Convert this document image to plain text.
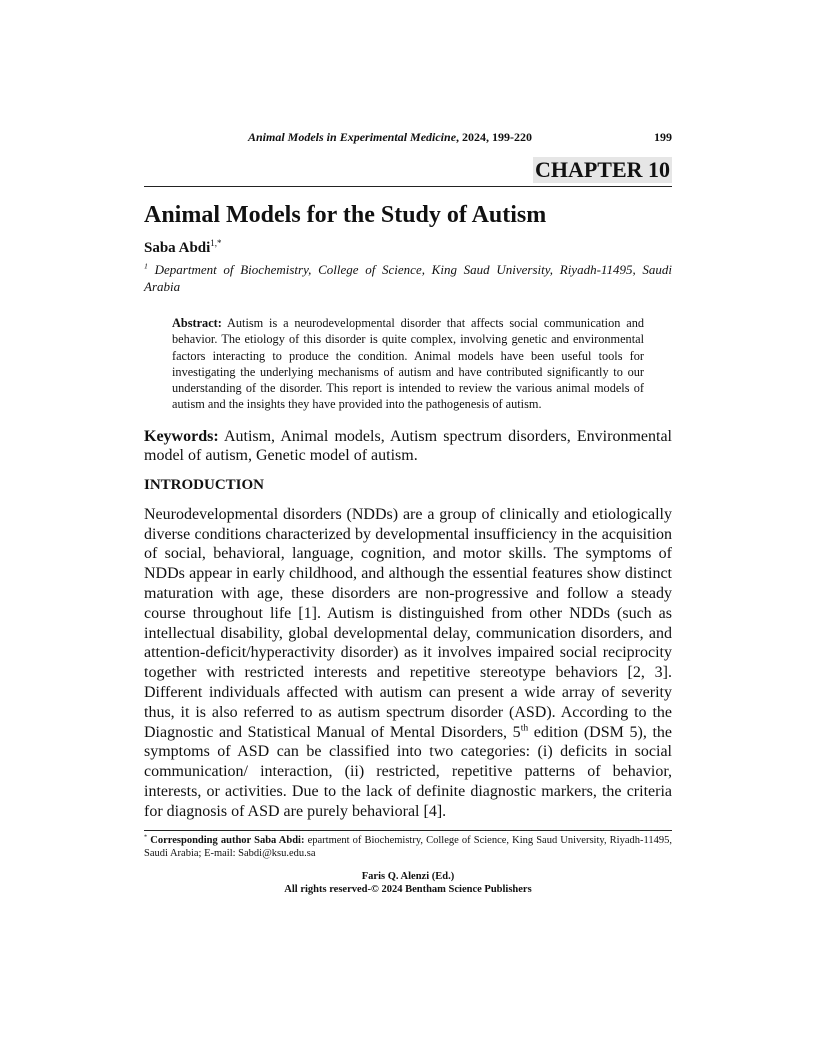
Animal Models in Experimental Medicine, 2024, 199-220	199
CHAPTER 10
Animal Models for the Study of Autism
Saba Abdi$^{1,*}$
$^1$ Department of Biochemistry, College of Science, King Saud University, Riyadh-11495, Saudi Arabia
Abstract: Autism is a neurodevelopmental disorder that affects social communication and behavior. The etiology of this disorder is quite complex, involving genetic and environmental factors interacting to produce the condition. Animal models have been useful tools for investigating the underlying mechanisms of autism and have contributed significantly to our understanding of the disorder. This report is intended to review the various animal models of autism and the insights they have provided into the pathogenesis of autism.
Keywords: Autism, Animal models, Autism spectrum disorders, Environmental model of autism, Genetic model of autism.
INTRODUCTION
Neurodevelopmental disorders (NDDs) are a group of clinically and etiologically diverse conditions characterized by developmental insufficiency in the acquisition of social, behavioral, language, cognition, and motor skills. The symptoms of NDDs appear in early childhood, and although the essential features show distinct maturation with age, these disorders are non-progressive and follow a steady course throughout life [1]. Autism is distinguished from other NDDs (such as intellectual disability, global developmental delay, communication disorders, and attention-deficit/hyperactivity disorder) as it involves impaired social reciprocity together with restricted interests and repetitive stereotype behaviors [2, 3]. Different individuals affected with autism can present a wide array of severity thus, it is also referred to as autism spectrum disorder (ASD). According to the Diagnostic and Statistical Manual of Mental Disorders, 5th edition (DSM 5), the symptoms of ASD can be classified into two categories: (i) deficits in social communication/ interaction, (ii) restricted, repetitive patterns of behavior, interests, or activities. Due to the lack of definite diagnostic markers, the criteria for diagnosis of ASD are purely behavioral [4].
* Corresponding author Saba Abdi: epartment of Biochemistry, College of Science, King Saud University, Riyadh-11495, Saudi Arabia; E-mail: Sabdi@ksu.edu.sa
Faris Q. Alenzi (Ed.)
All rights reserved-© 2024 Bentham Science Publishers
